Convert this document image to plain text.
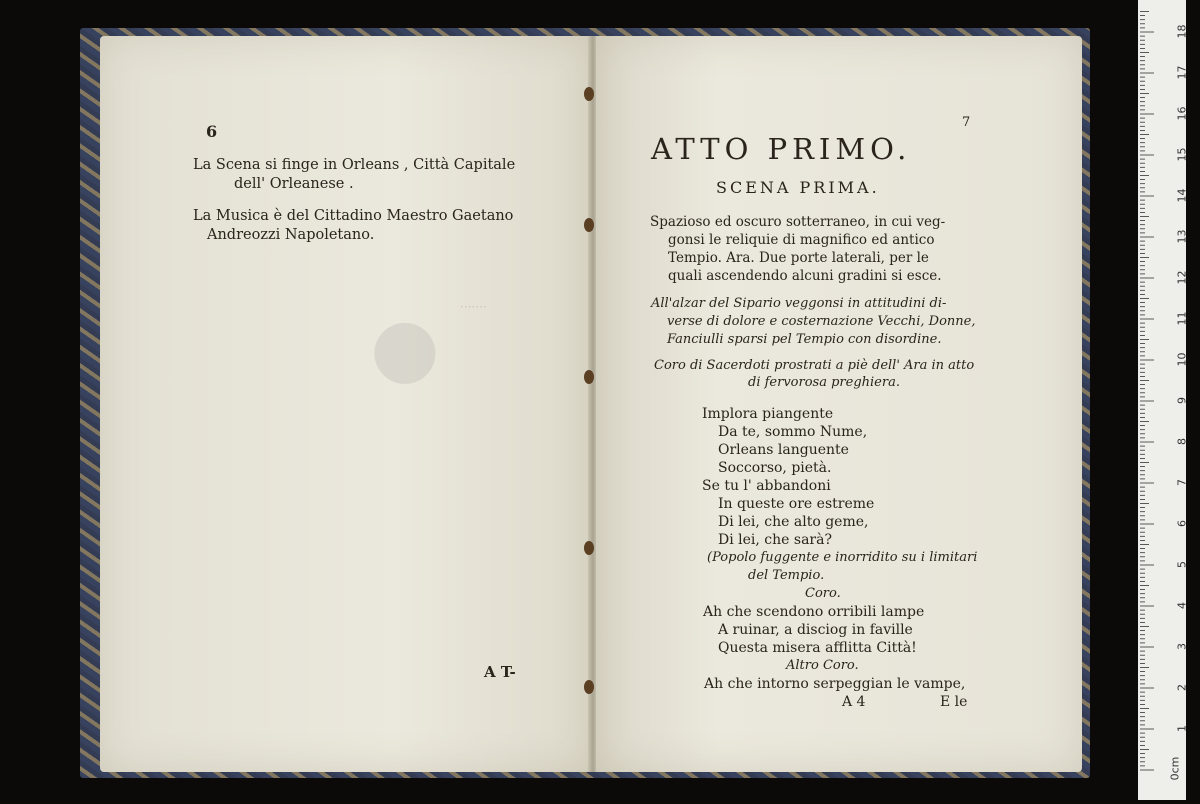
● ·······
6
La Scena si finge in Orleans , Città Capitale
dell' Orleanese .
La Musica è del Cittadino Maestro Gaetano
Andreozzi Napoletano.
A T-
7
ATTO PRIMO.
SCENA PRIMA.
Spazioso ed oscuro sotterraneo, in cui veg-
gonsi le reliquie di magnifico ed antico
Tempio. Ara. Due porte laterali, per le
quali ascendendo alcuni gradini si esce.
All'alzar del Sipario veggonsi in attitudini di-
verse di dolore e costernazione Vecchi, Donne,
Fanciulli sparsi pel Tempio con disordine.
Coro di Sacerdoti prostrati a piè dell' Ara in atto
di fervorosa preghiera.
Implora piangente
Da te, sommo Nume,
Orleans languente
Soccorso, pietà.
Se tu l' abbandoni
In queste ore estreme
Di lei, che alto geme,
Di lei, che sarà?
(Popolo fuggente e inorridito su i limitari
del Tempio.
Coro.
Ah che scendono orribili lampe
A ruinar, a disciog in faville
Questa misera afflitta Città!
Altro Coro.
Ah che intorno serpeggian le vampe,
A 4	E le
0cm
1
2
3
4
5
6
7
8
9
10
11
12
13
14
15
16
17
18
